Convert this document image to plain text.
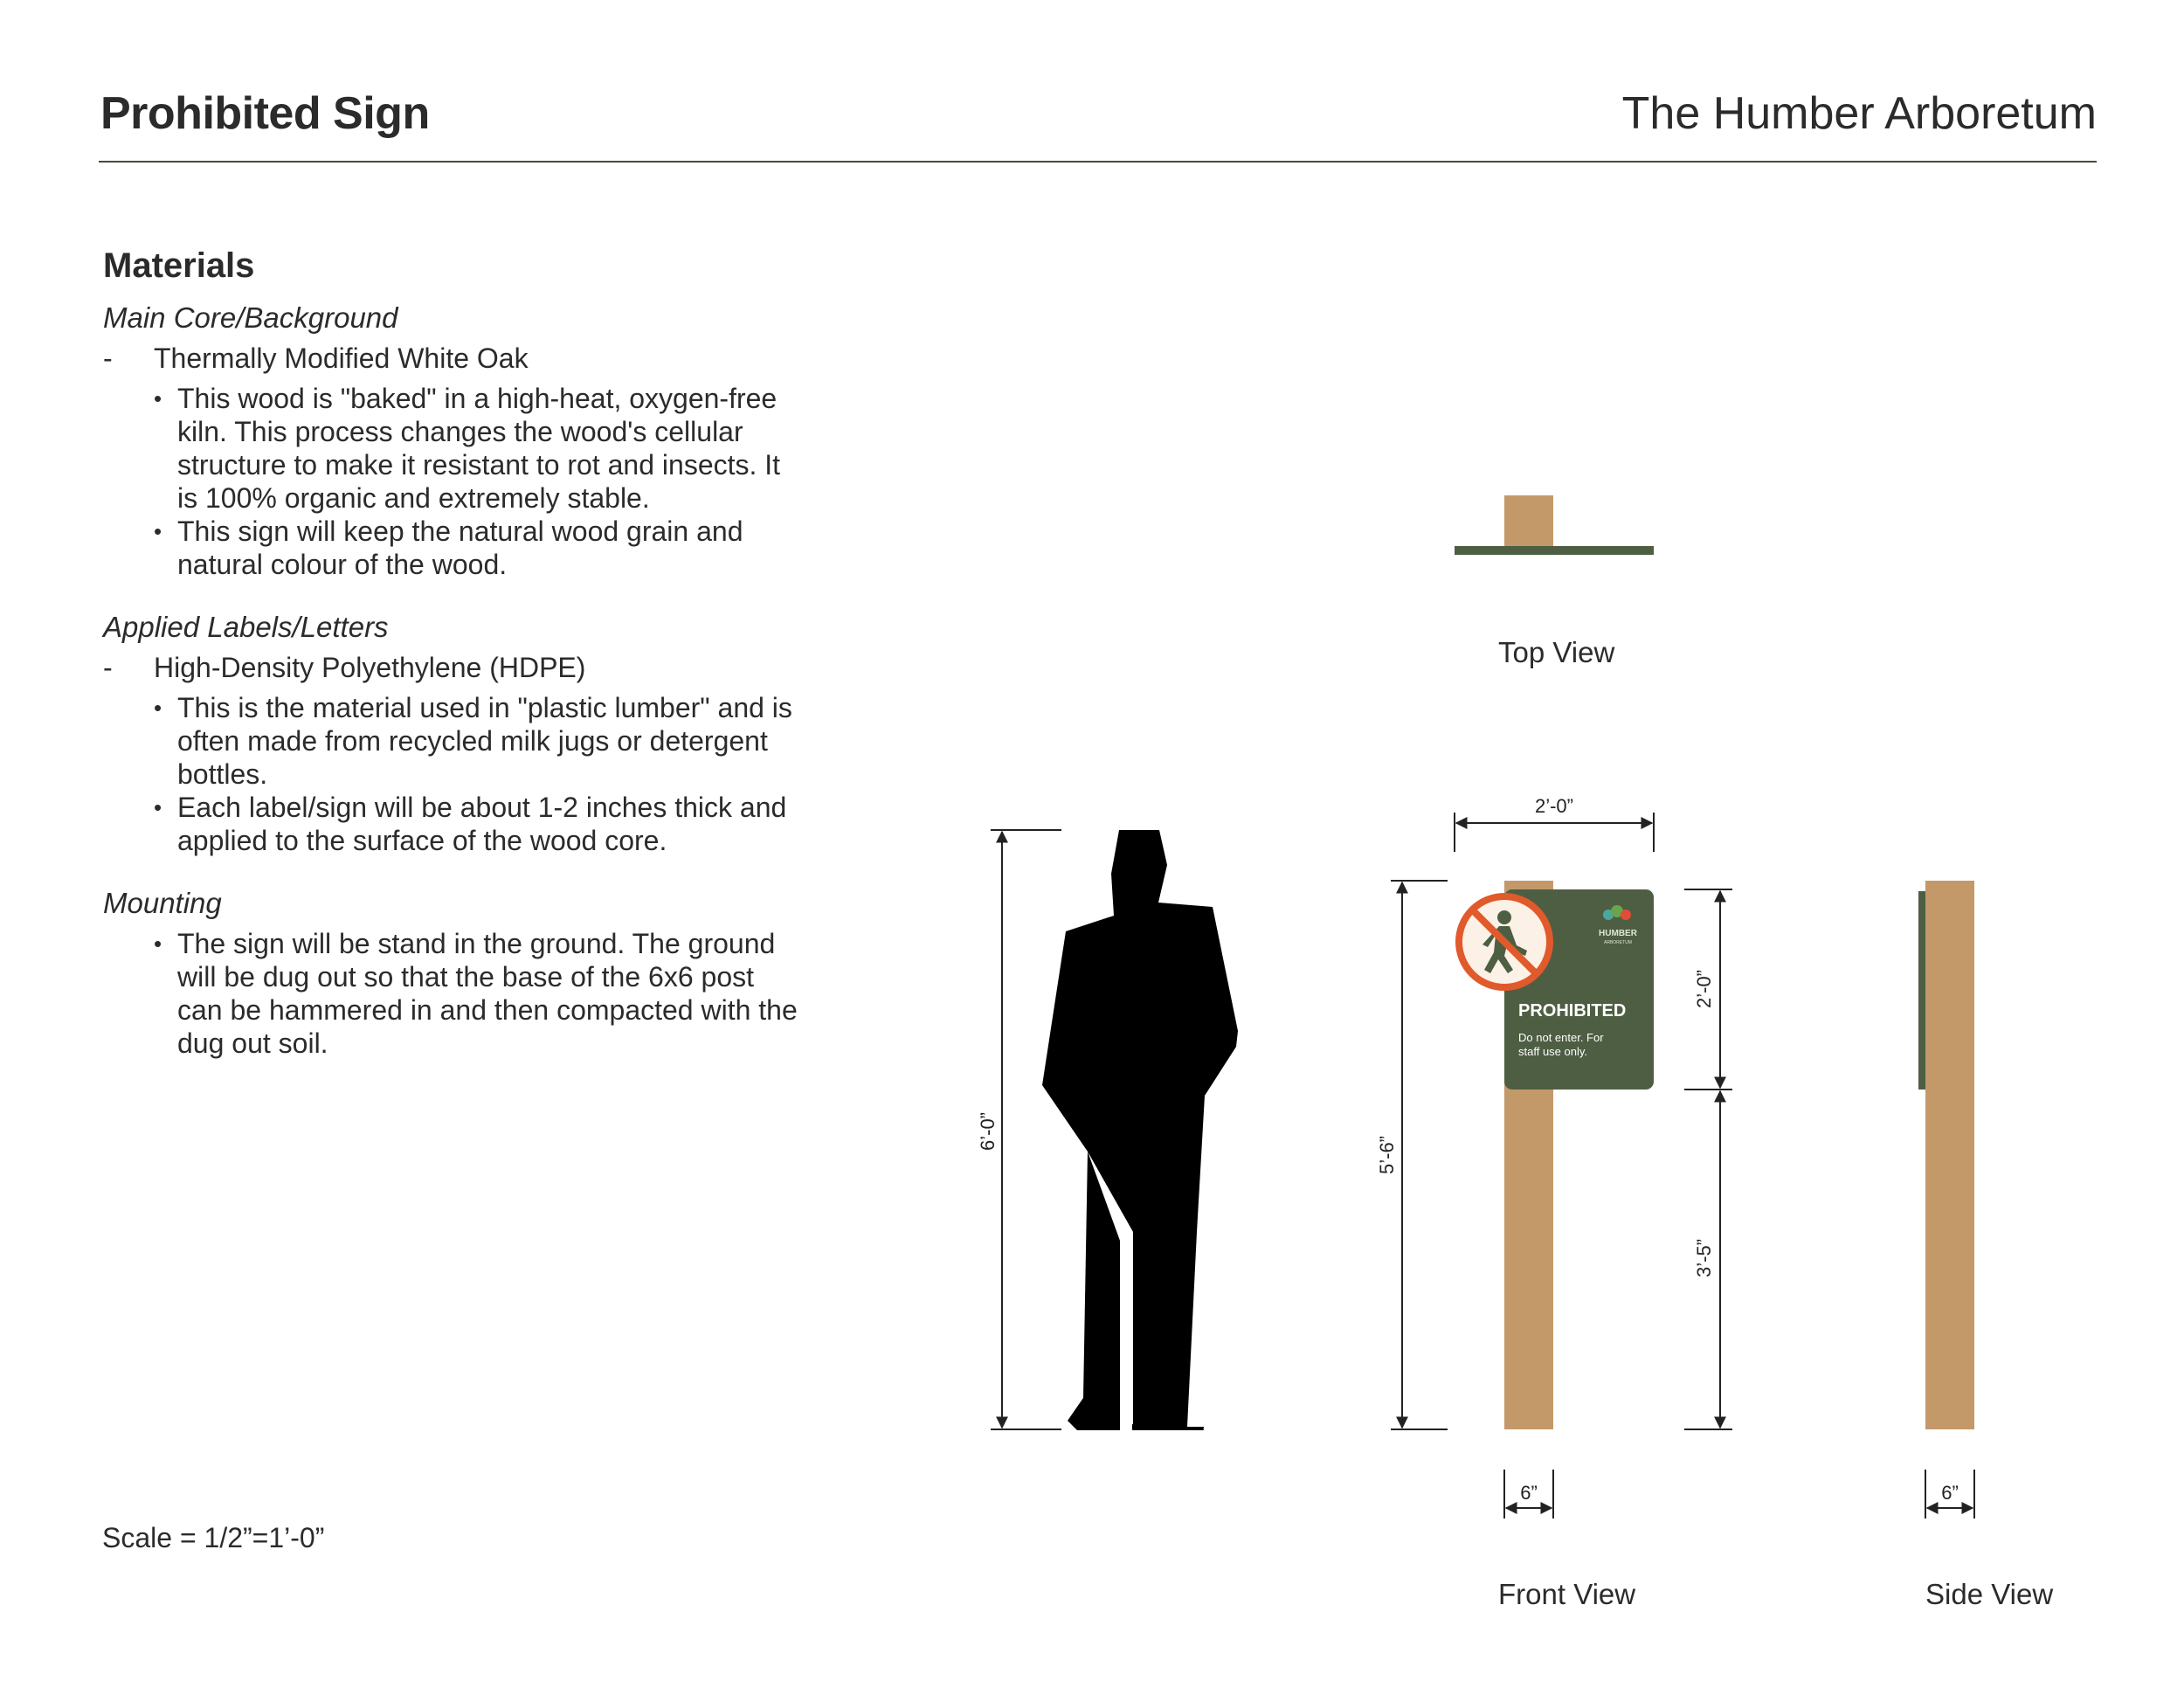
Prohibited Sign	The Humber Arboretum
Materials
Main Core/Background
- Thermally Modified White Oak
• This wood is "baked" in a high-heat, oxygen-free kiln. This process changes the wood's cellular structure to make it resistant to rot and insects. It is 100% organic and extremely stable.
• This sign will keep the natural wood grain and natural colour of the wood.
Applied Labels/Letters
- High-Density Polyethylene (HDPE)
• This is the material used in "plastic lumber" and is often made from recycled milk jugs or detergent bottles.
• Each label/sign will be about 1-2 inches thick and applied to the surface of the wood core.
Mounting
• The sign will be stand in the ground. The ground will be dug out so that the base of the 6x6 post can be hammered in and then compacted with the dug out soil.
Scale = 1/2”=1’-0”
6’-0”
HUMBER
ARBORETUM
PROHIBITED
Do not enter. For
staff use only.
2’-0”
5’-6”
2’-0”
3’-5”
6”	6”
Top View
Front View	Side View
